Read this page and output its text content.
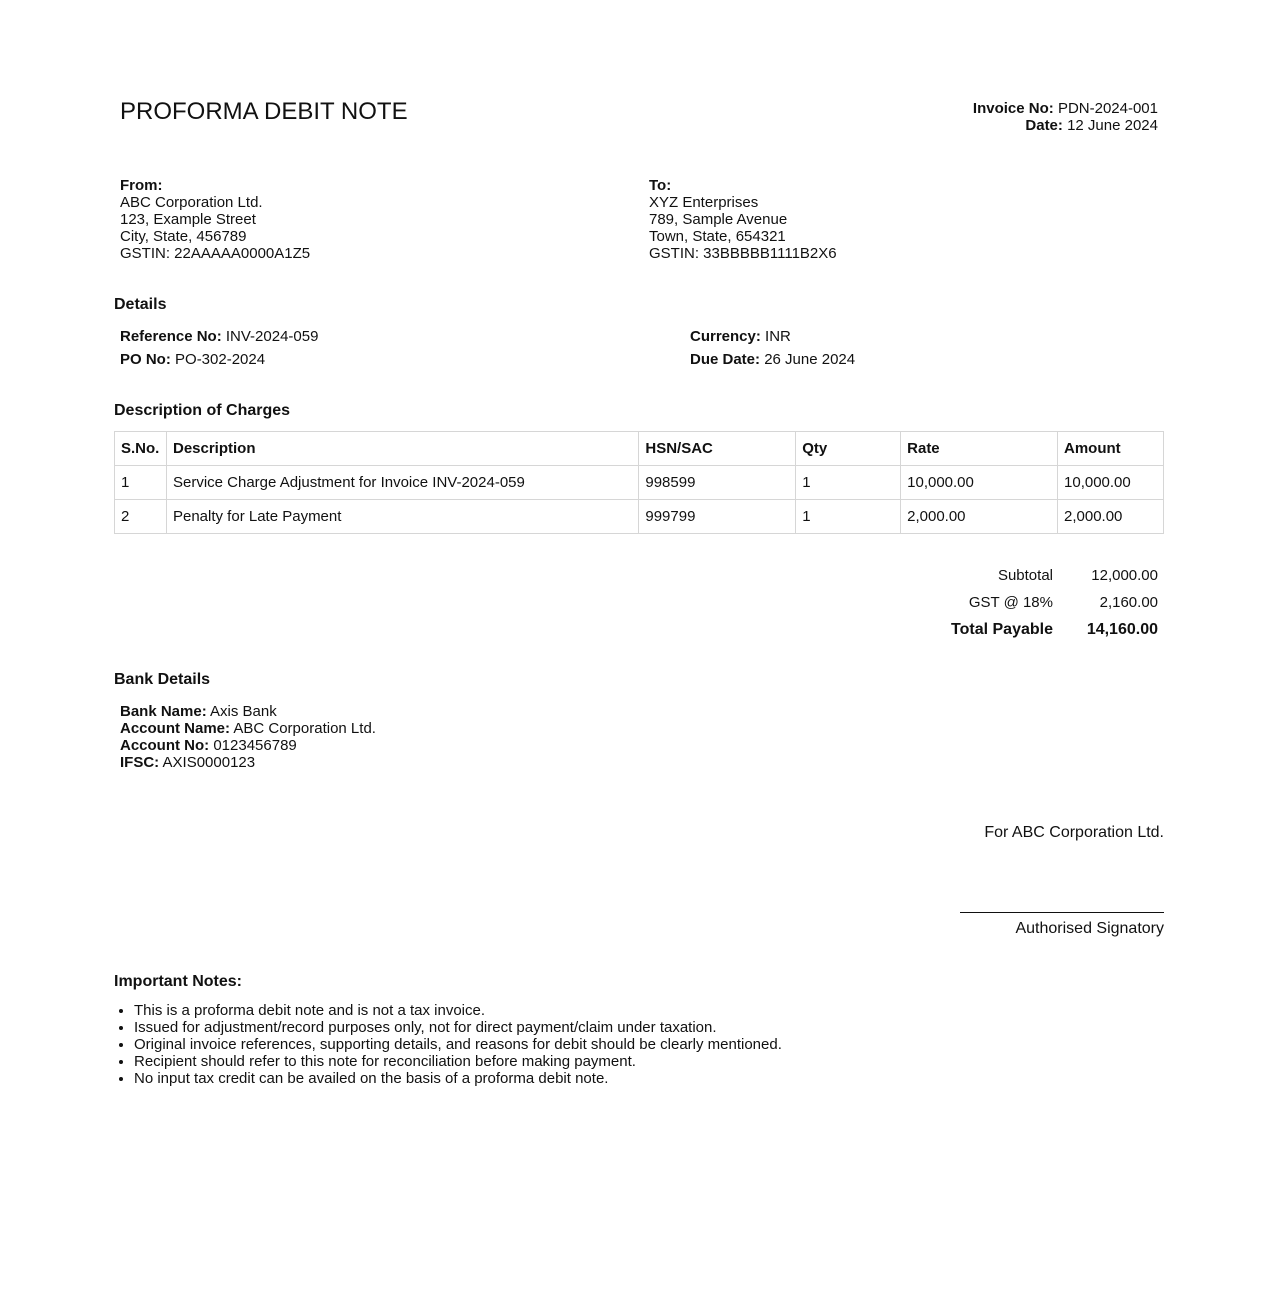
PROFORMA DEBIT NOTE	Invoice No: PDN-2024-001
Date: 12 June 2024
From:
ABC Corporation Ltd.
123, Example Street
City, State, 456789
GSTIN: 22AAAAA0000A1Z5
To:
XYZ Enterprises
789, Sample Avenue
Town, State, 654321
GSTIN: 33BBBBB1111B2X6
Details
Reference No: INV-2024-059
PO No: PO-302-2024
Currency: INR
Due Date: 26 June 2024
Description of Charges
S.No.	Description	HSN/SAC	Qty	Rate	Amount
1	Service Charge Adjustment for Invoice INV-2024-059	998599	1	10,000.00	10,000.00
2	Penalty for Late Payment	999799	1	2,000.00	2,000.00
Subtotal	12,000.00
GST @ 18%	2,160.00
Total Payable	14,160.00
Bank Details
Bank Name: Axis Bank
Account Name: ABC Corporation Ltd.
Account No: 0123456789
IFSC: AXIS0000123
For ABC Corporation Ltd.
Authorised Signatory
Important Notes:
• This is a proforma debit note and is not a tax invoice.
• Issued for adjustment/record purposes only, not for direct payment/claim under taxation.
• Original invoice references, supporting details, and reasons for debit should be clearly mentioned.
• Recipient should refer to this note for reconciliation before making payment.
• No input tax credit can be availed on the basis of a proforma debit note.
